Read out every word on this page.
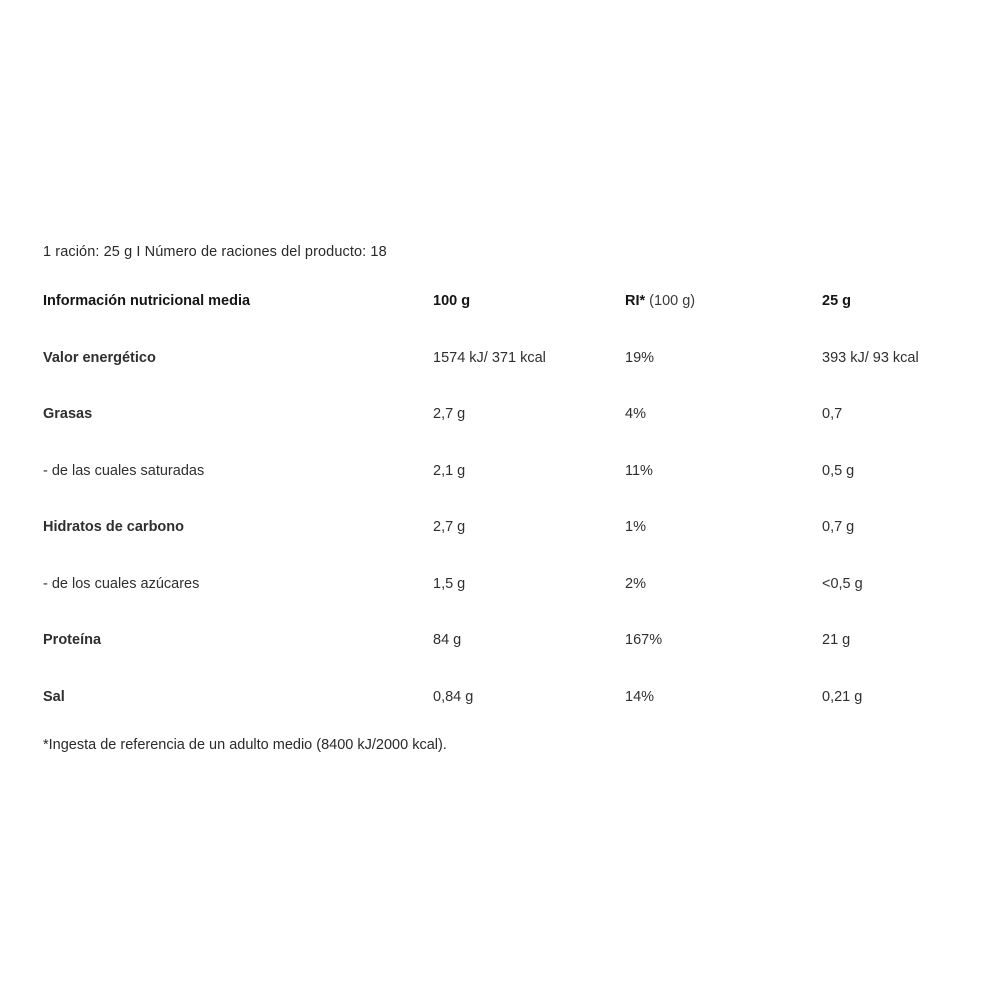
1 ración: 25 g I Número de raciones del producto: 18
Información nutricional media	100 g	RI* (100 g)	25 g
Valor energético	1574 kJ/ 371 kcal	19%	393 kJ/ 93 kcal
Grasas	2,7 g	4%	0,7
- de las cuales saturadas	2,1 g	11%	0,5 g
Hidratos de carbono	2,7 g	1%	0,7 g
- de los cuales azúcares	1,5 g	2%	<0,5 g
Proteína	84 g	167%	21 g
Sal	0,84 g	14%	0,21 g
*Ingesta de referencia de un adulto medio (8400 kJ/2000 kcal).
